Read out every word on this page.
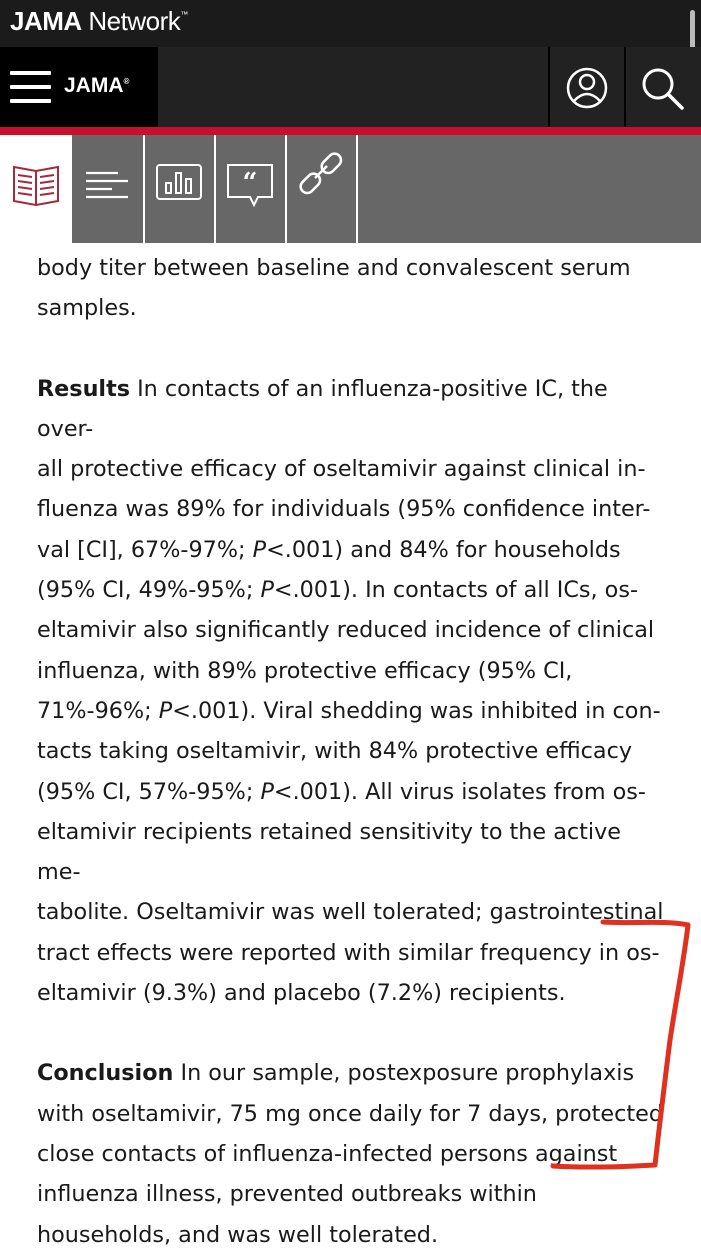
JAMA Network™
JAMA®
“

body titer between baseline and convalescent serum samples.

Results In contacts of an influenza-positive IC, the over-
all protective efficacy of oseltamivir against clinical in-
fluenza was 89% for individuals (95% confidence inter-
val [CI], 67%-97%; P<.001) and 84% for households
(95% CI, 49%-95%; P<.001). In contacts of all ICs, os-
eltamivir also significantly reduced incidence of clinical
influenza, with 89% protective efficacy (95% CI,
71%-96%; P<.001). Viral shedding was inhibited in con-
tacts taking oseltamivir, with 84% protective efficacy
(95% CI, 57%-95%; P<.001). All virus isolates from os-
eltamivir recipients retained sensitivity to the active me-
tabolite. Oseltamivir was well tolerated; gastrointestinal
tract effects were reported with similar frequency in os-
eltamivir (9.3%) and placebo (7.2%) recipients.

Conclusion In our sample, postexposure prophylaxis with oseltamivir, 75 mg once daily for 7 days, protected close contacts of influenza-infected persons against influenza illness, prevented outbreaks within households, and was well tolerated.
